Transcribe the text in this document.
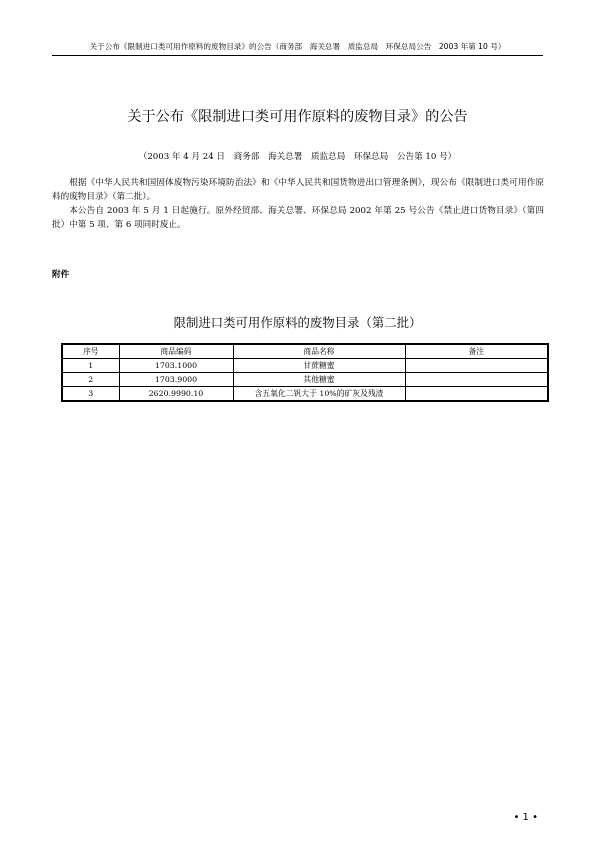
关于公布《限制进口类可用作原料的废物目录》的公告（商务部　海关总署　质监总局　环保总局公告　2003 年第 10 号）
关于公布《限制进口类可用作原料的废物目录》的公告
（2003 年 4 月 24 日　商务部　海关总署　质监总局　环保总局　公告第 10 号）

根据《中华人民共和国固体废物污染环境防治法》和《中华人民共和国货物进出口管理条例》，现公布《限制进口类可用作原料的废物目录》（第二批）。

本公告自 2003 年 5 月 1 日起施行。原外经贸部、海关总署、环保总局 2002 年第 25 号公告《禁止进口货物目录》（第四批）中第 5 项、第 6 项同时废止。

附件
限制进口类可用作原料的废物目录（第二批）
序号	商品编码	商品名称	备注
1	1703.1000	甘蔗糖蜜	
2	1703.9000	其他糖蜜	
3	2620.9990.10	含五氧化二钒大于 10%的矿灰及残渣	
• 1 •
